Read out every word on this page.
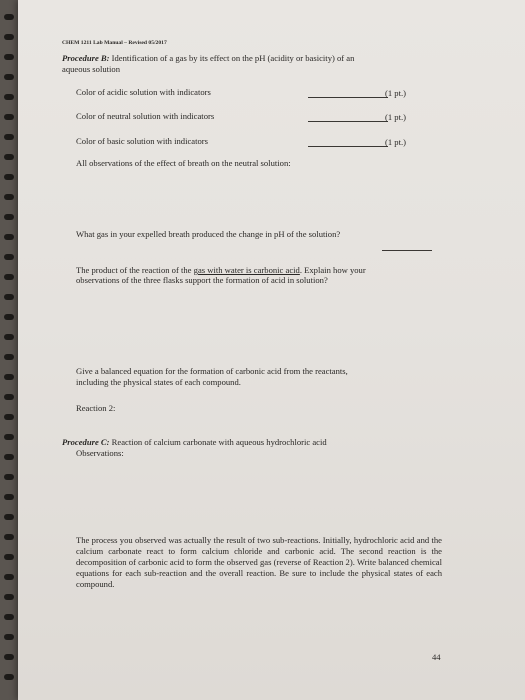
CHEM 1211 Lab Manual – Revised 05/2017
Procedure B: Identification of a gas by its effect on the pH (acidity or basicity) of an
aqueous solution
Color of acidic solution with indicators	(1 pt.)
Color of neutral solution with indicators	(1 pt.)
Color of basic solution with indicators	(1 pt.)
All observations of the effect of breath on the neutral solution:
What gas in your expelled breath produced the change in pH of the solution?
The product of the reaction of the gas with water is carbonic acid. Explain how your
observations of the three flasks support the formation of acid in solution?
Give a balanced equation for the formation of carbonic acid from the reactants,
including the physical states of each compound.
Reaction 2:
Procedure C: Reaction of calcium carbonate with aqueous hydrochloric acid
Observations:
The process you observed was actually the result of two sub-reactions. Initially, hydrochloric acid and the calcium carbonate react to form calcium chloride and carbonic acid. The second reaction is the decomposition of carbonic acid to form the observed gas (reverse of Reaction 2). Write balanced chemical equations for each sub-reaction and the overall reaction. Be sure to include the physical states of each compound.
44
